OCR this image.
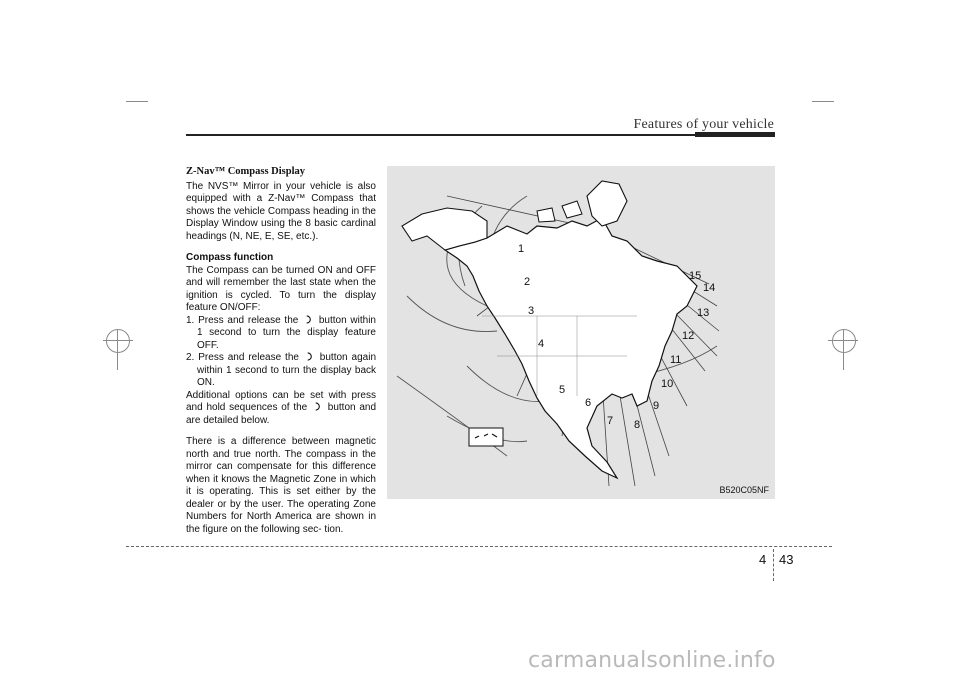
Features of your vehicle

Z-Nav™ Compass Display

The NVS™ Mirror in your vehicle is also equipped with a Z-Nav™ Compass that shows the vehicle Compass heading in the Display Window using the 8 basic cardinal headings (N, NE, E, SE, etc.).

Compass function

The Compass can be turned ON and OFF and will remember the last state when the ignition is cycled. To turn the display feature ON/OFF:

1. Press and release the  button within 1 second to turn the display feature OFF.

2. Press and release the  button again within 1 second to turn the display back ON.

Additional options can be set with press and hold sequences of the  button and are detailed below.

There is a difference between magnetic north and true north. The compass in the mirror can compensate for this difference when it knows the Magnetic Zone in which it is operating. This is set either by the dealer or by the user. The operating Zone Numbers for North America are shown in the figure on the following sec- tion.

B520C05NF
1
2
3
4
5
6
7 8
9
10
11
12
13
14
15
4 43
carmanualsonline.info
